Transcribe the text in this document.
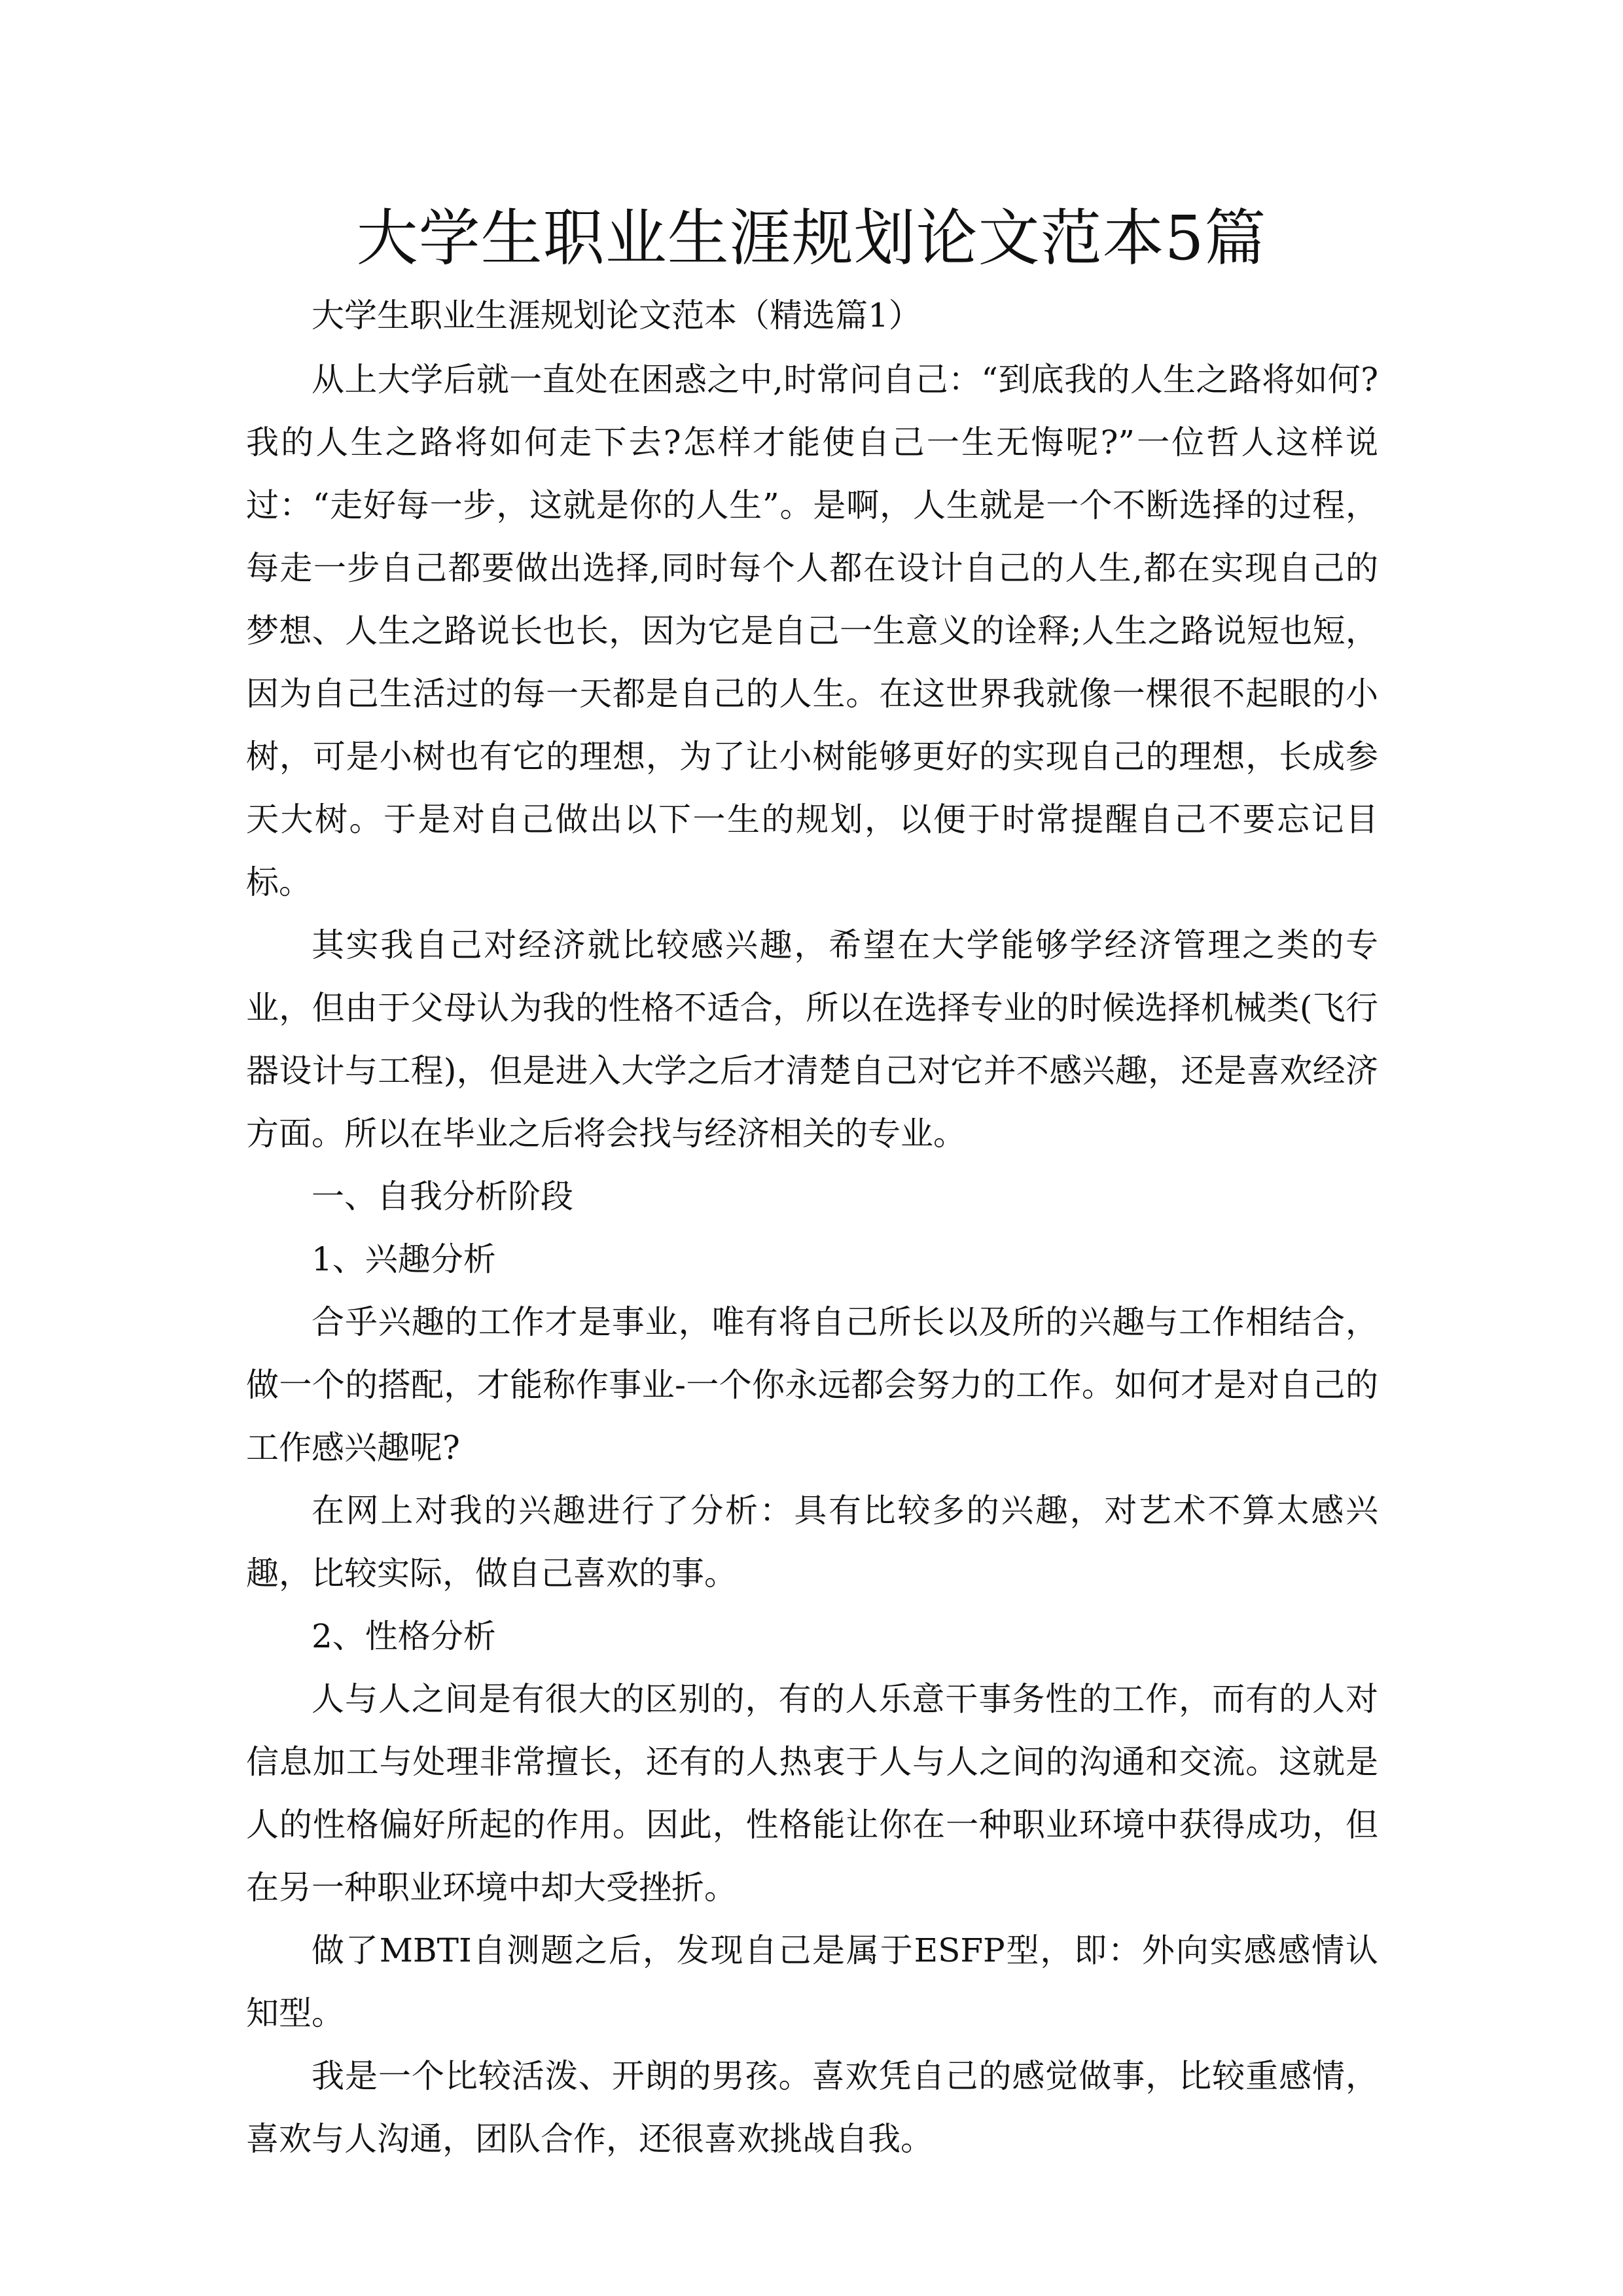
大学生职业生涯规划论文范本5篇

大学生职业生涯规划论文范本（精选篇1）

从上大学后就一直处在困惑之中,时常问自己：“到底我的人生之路将如何?我的人生之路将如何走下去?怎样才能使自己一生无悔呢?”一位哲人这样说过：“走好每一步，这就是你的人生”。是啊，人生就是一个不断选择的过程，每走一步自己都要做出选择,同时每个人都在设计自己的人生,都在实现自己的梦想、人生之路说长也长，因为它是自己一生意义的诠释;人生之路说短也短，因为自己生活过的每一天都是自己的人生。在这世界我就像一棵很不起眼的小树，可是小树也有它的理想，为了让小树能够更好的实现自己的理想，长成参天大树。于是对自己做出以下一生的规划，以便于时常提醒自己不要忘记目标。

其实我自己对经济就比较感兴趣，希望在大学能够学经济管理之类的专业，但由于父母认为我的性格不适合，所以在选择专业的时候选择机械类(飞行器设计与工程)，但是进入大学之后才清楚自己对它并不感兴趣，还是喜欢经济方面。所以在毕业之后将会找与经济相关的专业。

一、自我分析阶段

1、兴趣分析

合乎兴趣的工作才是事业，唯有将自己所长以及所的兴趣与工作相结合，做一个的搭配，才能称作事业-一个你永远都会努力的工作。如何才是对自己的工作感兴趣呢?

在网上对我的兴趣进行了分析：具有比较多的兴趣，对艺术不算太感兴趣，比较实际，做自己喜欢的事。

2、性格分析

人与人之间是有很大的区别的，有的人乐意干事务性的工作，而有的人对信息加工与处理非常擅长，还有的人热衷于人与人之间的沟通和交流。这就是人的性格偏好所起的作用。因此，性格能让你在一种职业环境中获得成功，但在另一种职业环境中却大受挫折。

做了MBTI自测题之后，发现自己是属于ESFP型，即：外向实感感情认知型。

我是一个比较活泼、开朗的男孩。喜欢凭自己的感觉做事，比较重感情，喜欢与人沟通，团队合作，还很喜欢挑战自我。
